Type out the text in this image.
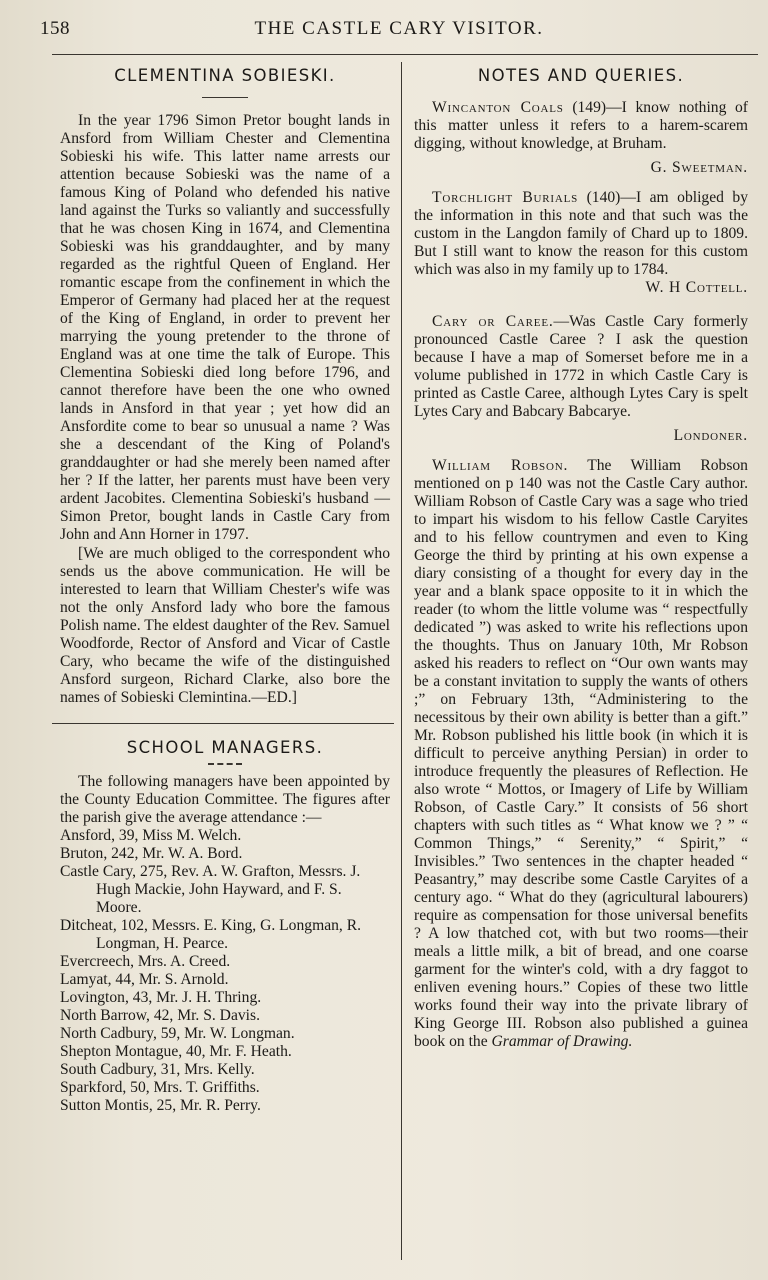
158	THE CASTLE CARY VISITOR.
CLEMENTINA SOBIESKI.

In the year 1796 Simon Pretor bought lands in Ansford from William Chester and Clementina Sobieski his wife. This latter name arrests our attention because Sobieski was the name of a famous King of Poland who defended his native land against the Turks so valiantly and successfully that he was chosen King in 1674, and Clementina Sobieski was his granddaughter, and by many regarded as the rightful Queen of England. Her romantic escape from the confinement in which the Emperor of Germany had placed her at the request of the King of England, in order to prevent her marrying the young pretender to the throne of England was at one time the talk of Europe. This Clementina Sobieski died long before 1796, and cannot therefore have been the one who owned lands in Ansford in that year ; yet how did an Ansfordite come to bear so unusual a name ? Was she a descendant of the King of Poland's granddaughter or had she merely been named after her ? If the latter, her parents must have been very ardent Jacobites. Clementina Sobieski's husband — Simon Pretor, bought lands in Castle Cary from John and Ann Horner in 1797.

[We are much obliged to the correspondent who sends us the above communication. He will be interested to learn that William Chester's wife was not the only Ansford lady who bore the famous Polish name. The eldest daughter of the Rev. Samuel Woodforde, Rector of Ansford and Vicar of Castle Cary, who became the wife of the distinguished Ansford surgeon, Richard Clarke, also bore the names of Sobieski Clemintina.—ED.]

SCHOOL MANAGERS.

The following managers have been appointed by the County Education Committee. The figures after the parish give the average attendance :—

Ansford, 39, Miss M. Welch.

Bruton, 242, Mr. W. A. Bord.

Castle Cary, 275, Rev. A. W. Grafton, Messrs. J. Hugh Mackie, John Hayward, and F. S. Moore.

Ditcheat, 102, Messrs. E. King, G. Longman, R. Longman, H. Pearce.

Evercreech, Mrs. A. Creed.

Lamyat, 44, Mr. S. Arnold.

Lovington, 43, Mr. J. H. Thring.

North Barrow, 42, Mr. S. Davis.

North Cadbury, 59, Mr. W. Longman.

Shepton Montague, 40, Mr. F. Heath.

South Cadbury, 31, Mrs. Kelly.

Sparkford, 50, Mrs. T. Griffiths.

Sutton Montis, 25, Mr. R. Perry.

NOTES AND QUERIES.

Wincanton Coals (149)—I know nothing of this matter unless it refers to a harem-scarem digging, without knowledge, at Bruham.

G. Sweetman.

Torchlight Burials (140)—I am obliged by the information in this note and that such was the custom in the Langdon family of Chard up to 1809. But I still want to know the reason for this custom which was also in my family up to 1784.

W. H Cottell.

Cary or Caree.—Was Castle Cary formerly pronounced Castle Caree ? I ask the question because I have a map of Somerset before me in a volume published in 1772 in which Castle Cary is printed as Castle Caree, although Lytes Cary is spelt Lytes Cary and Babcary Babcarye.

Londoner.

William Robson. The William Robson mentioned on p 140 was not the Castle Cary author. William Robson of Castle Cary was a sage who tried to impart his wisdom to his fellow Castle Caryites and to his fellow countrymen and even to King George the third by printing at his own expense a diary consisting of a thought for every day in the year and a blank space opposite to it in which the reader (to whom the little volume was “ respectfully dedicated ”) was asked to write his reflections upon the thoughts. Thus on January 10th, Mr Robson asked his readers to reflect on “Our own wants may be a constant invitation to supply the wants of others ;” on February 13th, “Administering to the necessitous by their own ability is better than a gift.” Mr. Robson published his little book (in which it is difficult to perceive anything Persian) in order to introduce frequently the pleasures of Reflection. He also wrote “ Mottos, or Imagery of Life by William Robson, of Castle Cary.” It consists of 56 short chapters with such titles as “ What know we ? ” “ Common Things,” “ Serenity,” “ Spirit,” “ Invisibles.” Two sentences in the chapter headed “ Peasantry,” may describe some Castle Caryites of a century ago. “ What do they (agricultural labourers) require as compensation for those universal benefits ? A low thatched cot, with but two rooms—their meals a little milk, a bit of bread, and one coarse garment for the winter's cold, with a dry faggot to enliven evening hours.” Copies of these two little works found their way into the private library of King George III. Robson also published a guinea book on the Grammar of Drawing.
